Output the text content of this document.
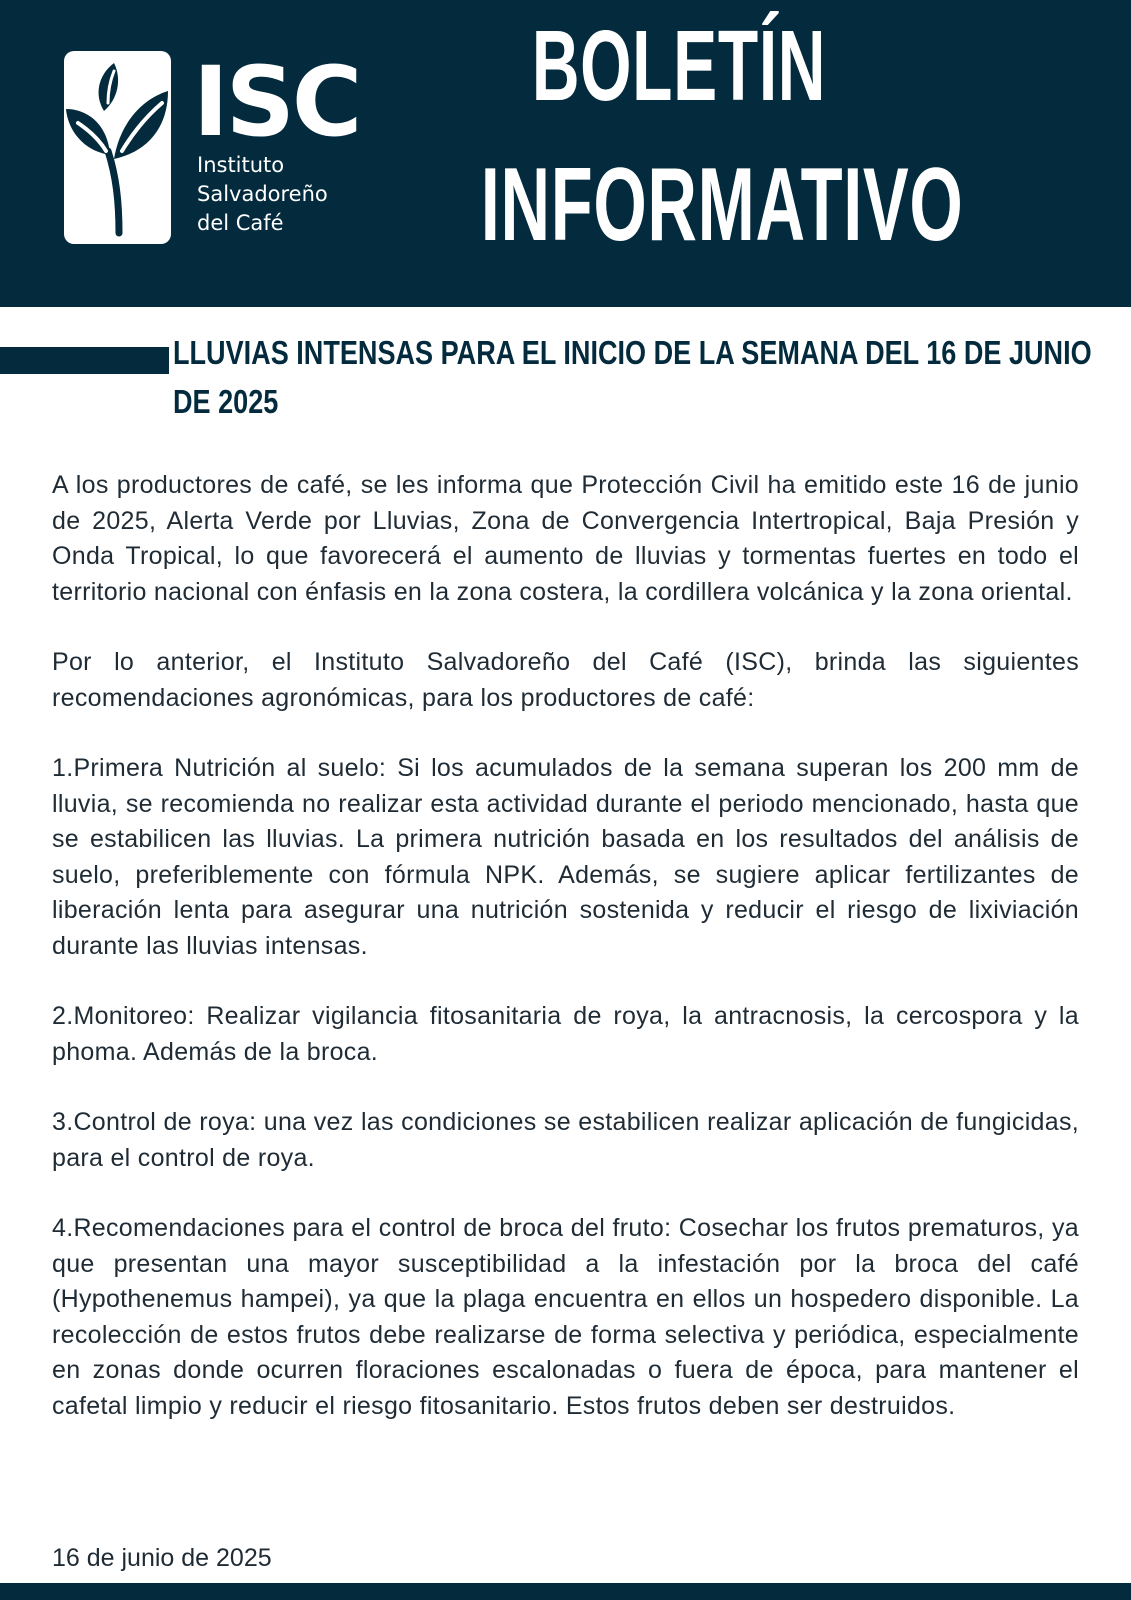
ISC
Instituto
Salvadoreño
del Café
BOLETÍN
INFORMATIVO
LLUVIAS INTENSAS PARA EL INICIO DE LA SEMANA DEL 16 DE JUNIO
DE 2025

A los productores de café, se les informa que Protección Civil ha emitido este 16 de junio de 2025, Alerta Verde por Lluvias, Zona de Convergencia Intertropical, Baja Presión y Onda Tropical, lo que favorecerá el aumento de lluvias y tormentas fuertes en todo el territorio nacional con énfasis en la zona costera, la cordillera volcánica y la zona oriental.

Por lo anterior, el Instituto Salvadoreño del Café (ISC), brinda las siguientes recomendaciones agronómicas, para los productores de café:

1.Primera Nutrición al suelo: Si los acumulados de la semana superan los 200 mm de lluvia, se recomienda no realizar esta actividad durante el periodo mencionado, hasta que se estabilicen las lluvias. La primera nutrición basada en los resultados del análisis de suelo, preferiblemente con fórmula NPK. Además, se sugiere aplicar fertilizantes de liberación lenta para asegurar una nutrición sostenida y reducir el riesgo de lixiviación durante las lluvias intensas.

2.Monitoreo: Realizar vigilancia fitosanitaria de roya, la antracnosis, la cercospora y la phoma. Además de la broca.

3.Control de roya: una vez las condiciones se estabilicen realizar aplicación de fungicidas, para el control de roya.

4.Recomendaciones para el control de broca del fruto: Cosechar los frutos prematuros, ya que presentan una mayor susceptibilidad a la infestación por la broca del café (Hypothenemus hampei), ya que la plaga encuentra en ellos un hospedero disponible. La recolección de estos frutos debe realizarse de forma selectiva y periódica, especialmente en zonas donde ocurren floraciones escalonadas o fuera de época, para mantener el cafetal limpio y reducir el riesgo fitosanitario. Estos frutos deben ser destruidos.

16 de junio de 2025
